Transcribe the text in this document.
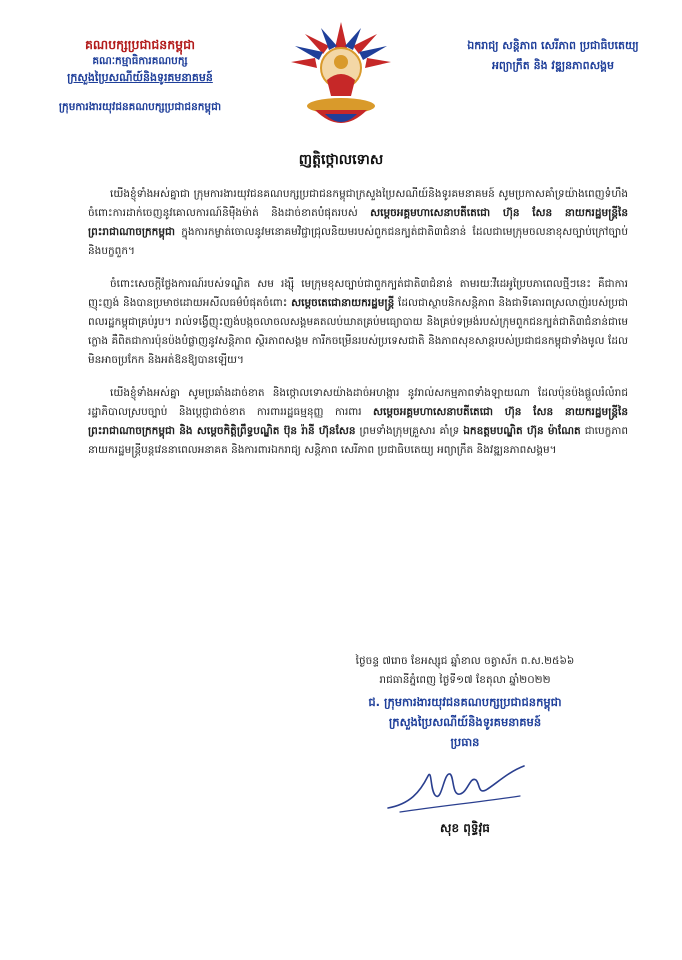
គណបក្សប្រជាជនកម្ពុជា
គណៈកម្មាធិការគណបក្ស
ក្រសួងប្រៃសណីយ៍និងទូរគមនាគមន៍
ក្រុមការងារយុវជនគណបក្សប្រជាជនកម្ពុជា
ឯករាជ្យ សន្តិភាព សេរីភាព ប្រជាធិបតេយ្យ
អព្យាក្រឹត និង វឌ្ឍនភាពសង្គម
ញត្តិថ្កោលទោស

យើងខ្ញុំទាំងអស់គ្នាជា ក្រុមការងារយុវជនគណបក្សប្រជាជនកម្ពុជាក្រសួងប្រៃសណីយ៍និងទូរគមនាគមន៍ សូមប្រកាសគាំទ្រយ៉ាងពេញទំហឹងចំពោះការដាក់ចេញនូវគោលការណ៍និម៉ឺងម៉ាត់ និងដាច់ខាតបំផុតរបស់ សម្តេចអគ្គមហាសេនាបតីតេជោ ហ៊ុន សែន នាយករដ្ឋមន្ត្រីនៃព្រះរាជាណាចក្រកម្ពុជា ក្នុងការកម្ចាត់ចោលនូវមនោគមវិជ្ជាជ្រុលនិយមរបស់ពួកជនក្បត់ជាតិ៣ជំនាន់ ដែលជាមេក្រុមចលនាខុសច្បាប់ក្រៅច្បាប់ និងបក្ខពួក។

ចំពោះសេចក្តីថ្លែងការណ៍របស់ទណ្ឌិត សម រង្ស៊ី មេក្រុមខុសច្បាប់ជាពួកក្បត់ជាតិ៣ជំនាន់ តាមរយៈវីដេអូប្រៃបភាពេលថ្មីៗនេះ គឺជាការញុះញង់ និងបានប្រមាថដោយអសីលធម៌បំផុតចំពោះ សម្តេចតេជោនាយករដ្ឋមន្ត្រី ដែលជាស្ថាបនិកសន្តិភាព និងជាទីគោរពស្រលាញ់របស់ប្រជាពលរដ្ឋកម្ពុជាគ្រប់រូប។ រាល់ទង្វើញុះញង់បង្កចលាចលសង្គមគតលប់ឃាតគ្រប់មធ្យោបាយ និងគ្រប់ទម្រង់របស់ក្រុមពួកជនក្បត់ជាតិ៣ជំនាន់ជាមេក្លោង គឺពិតជាការប៉ុនប៉ងបំផ្លាញនូវសន្តិភាព ស្ថិរភាពសង្គម ការីកចម្រើនរបស់ប្រទេសជាតិ និងភាពសុខសាន្តរបស់ប្រជាជនកម្ពុជាទាំងមូល ដែលមិនអាចប្រកែក និងអត់ឱនឱ្យបានឡើយ។

យើងខ្ញុំទាំងអស់គ្នា សូមប្រឆាំងដាច់ខាត និងថ្កោលទោសយ៉ាងដាច់អហង្ការ នូវរាល់សកម្មភាពទាំងឡាយណា ដែលប៉ុនប៉ងផ្តួលរំលំរាជរដ្ឋាភិបាលស្របច្បាប់ និងប្តេជ្ញាជាច់ខាត ការពាររដ្ឋធម្មនុញ្ញ ការពារ សម្តេចអគ្គមហាសេនាបតីតេជោ ហ៊ុន សែន នាយករដ្ឋមន្ត្រីនៃព្រះរាជាណាចក្រកម្ពុជា និង សម្តេចកិត្តិព្រឹទ្ធបណ្ឌិត ប៊ុន រ៉ានី ហ៊ុនសែន ព្រមទាំងក្រុមគ្រួសារ គាំទ្រ ឯកឧត្តមបណ្ឌិត ហ៊ុន ម៉ាណែត ជាបេក្ខភាពនាយករដ្ឋមន្ត្រីបន្តវេននាពេលអនាគត និងការពារឯករាជ្យ សន្តិភាព សេរីភាព ប្រជាធិបតេយ្យ អព្យាក្រឹត និងវឌ្ឍនភាពសង្គម។

ថ្ងៃចន្ទ ៧រោច ខែអស្សុជ ឆ្នាំខាល ចត្វាស័ក ព.ស.២៥៦៦
រាជធានីភ្នំពេញ ថ្ងៃទី១៧ ខែតុលា ឆ្នាំ២០២២
ជ. ក្រុមការងារយុវជនគណបក្សប្រជាជនកម្ពុជា
ក្រសួងប្រៃសណីយ៍និងទូរគមនាគមន៍
ប្រធាន
សុខ ពុទ្ធិវុធ
